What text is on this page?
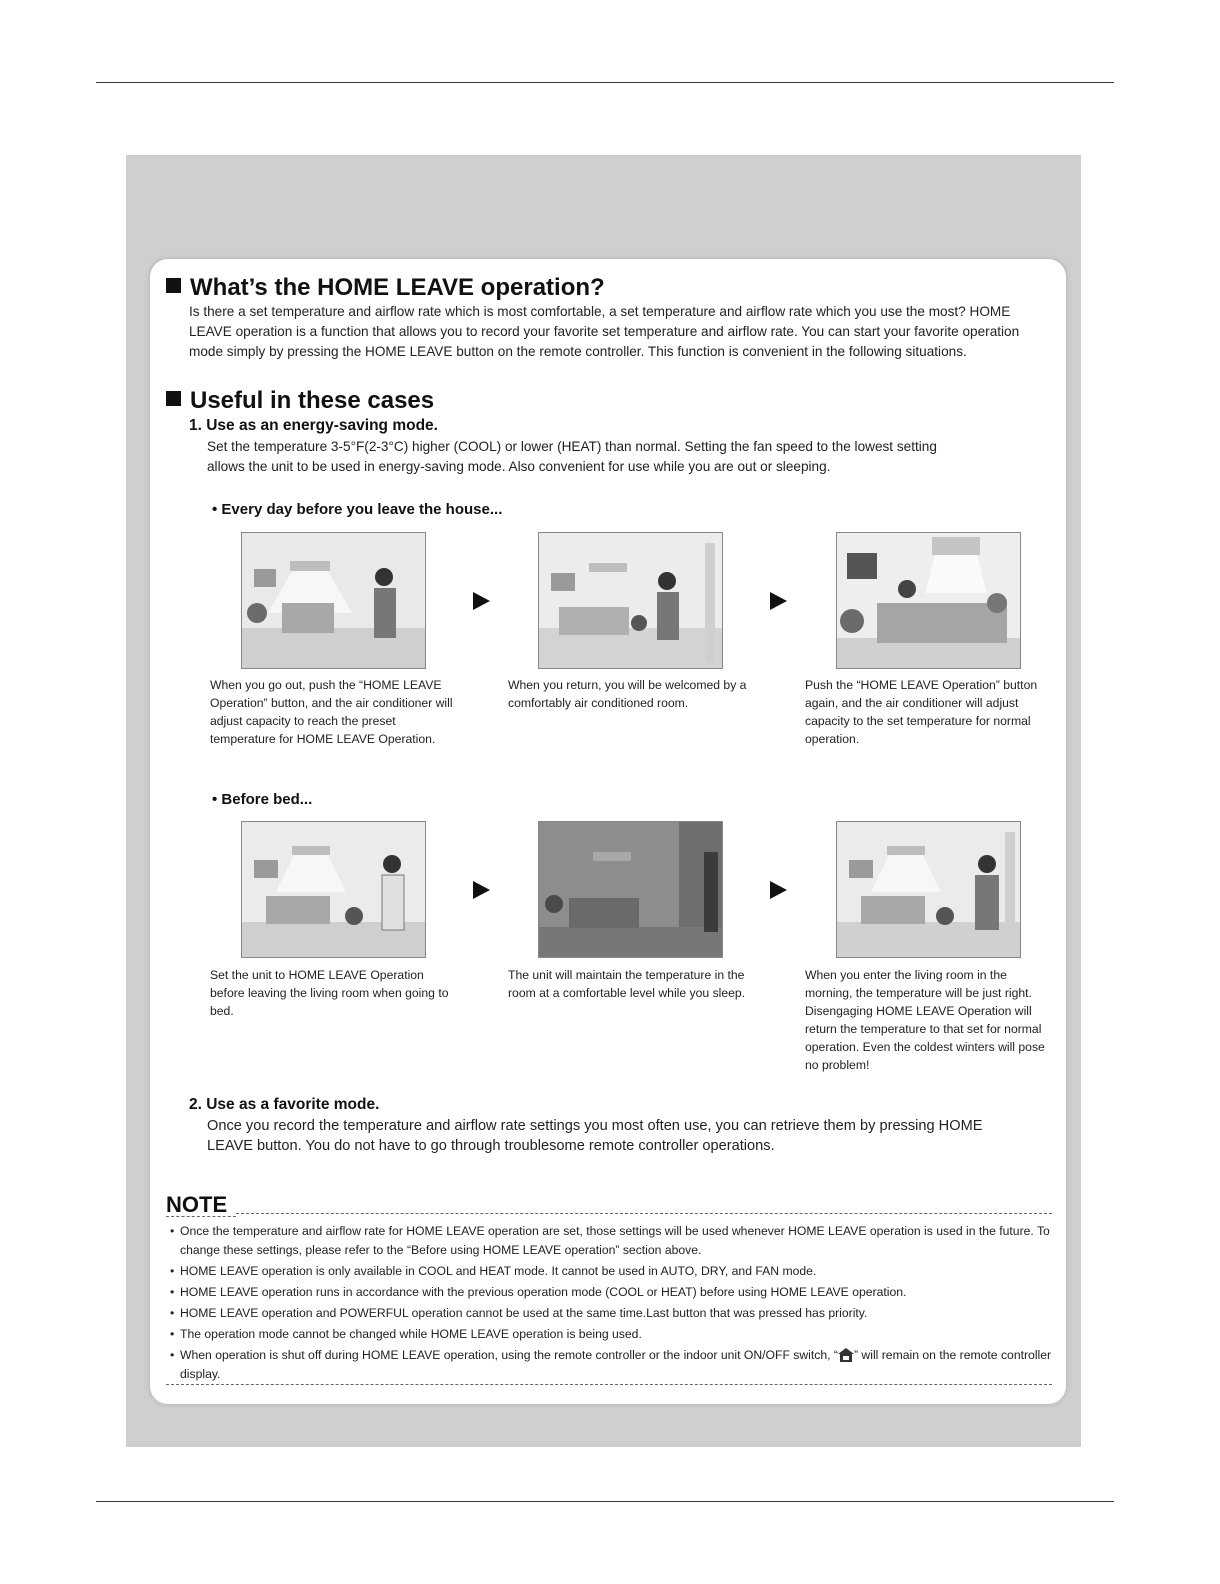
What’s the HOME LEAVE operation?
Is there a set temperature and airflow rate which is most comfortable, a set temperature and airflow rate which you use the most? HOME LEAVE operation is a function that allows you to record your favorite set temperature and airflow rate. You can start your favorite operation mode simply by pressing the HOME LEAVE button on the remote controller. This function is convenient in the following situations.
Useful in these cases
1. Use as an energy-saving mode.
Set the temperature 3-5°F(2-3°C) higher (COOL) or lower (HEAT) than normal. Setting the fan speed to the lowest setting allows the unit to be used in energy-saving mode. Also convenient for use while you are out or sleeping.
• Every day before you leave the house...
When you go out, push the “HOME LEAVE Operation” button, and the air conditioner will adjust capacity to reach the preset temperature for HOME LEAVE Operation.
When you return, you will be welcomed by a comfortably air conditioned room.
Push the “HOME LEAVE Operation” button again, and the air conditioner will adjust capacity to the set temperature for normal operation.
• Before bed...
Set the unit to HOME LEAVE Operation before leaving the living room when going to bed.
The unit will maintain the temperature in the room at a comfortable level while you sleep.
When you enter the living room in the morning, the temperature will be just right. Disengaging HOME LEAVE Operation will return the temperature to that set for normal operation. Even the coldest winters will pose no problem!
2. Use as a favorite mode.
Once you record the temperature and airflow rate settings you most often use, you can retrieve them by pressing HOME LEAVE button. You do not have to go through troublesome remote controller operations.
NOTE
• Once the temperature and airflow rate for HOME LEAVE operation are set, those settings will be used whenever HOME LEAVE operation is used in the future. To change these settings, please refer to the “Before using HOME LEAVE operation” section above.
• HOME LEAVE operation is only available in COOL and HEAT mode. It cannot be used in AUTO, DRY, and FAN mode.
• HOME LEAVE operation runs in accordance with the previous operation mode (COOL or HEAT) before using HOME LEAVE operation.
• HOME LEAVE operation and POWERFUL operation cannot be used at the same time.Last button that was pressed has priority.
• The operation mode cannot be changed while HOME LEAVE operation is being used.
• When operation is shut off during HOME LEAVE operation, using the remote controller or the indoor unit ON/OFF switch, “ ” will remain on the remote controller display.
